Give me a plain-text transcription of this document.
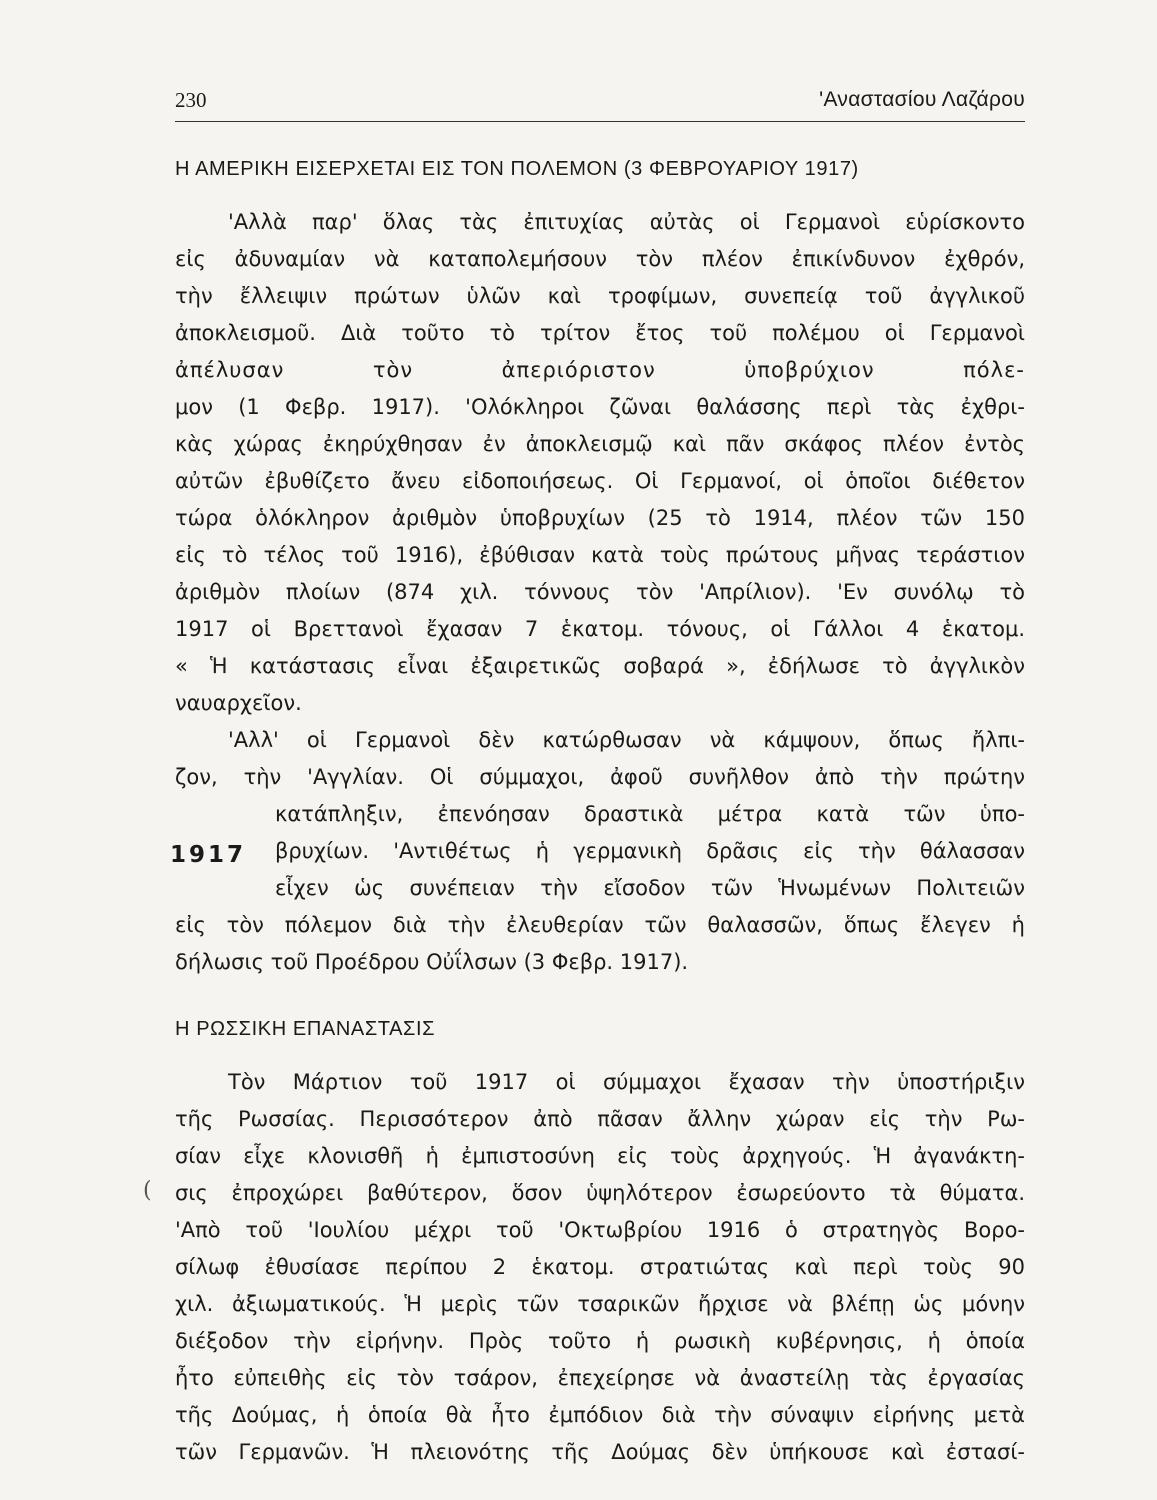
230	'Αναστασίου Λαζάρου
Η ΑΜΕΡΙΚΗ ΕΙΣΕΡΧΕΤΑΙ ΕΙΣ ΤΟΝ ΠΟΛΕΜΟΝ (3 ΦΕΒΡΟΥΑΡΙΟΥ 1917)
'Αλλὰ παρ' ὅλας τὰς ἐπιτυχίας αὐτὰς οἱ Γερμανοὶ εὑρίσκοντο
εἰς ἀδυναμίαν νὰ καταπολεμήσουν τὸν πλέον ἐπικίνδυνον ἐχθρόν,
τὴν ἔλλειψιν πρώτων ὑλῶν καὶ τροφίμων, συνεπείᾳ τοῦ ἀγγλικοῦ
ἀποκλεισμοῦ. Διὰ τοῦτο τὸ τρίτον ἔτος τοῦ πολέμου οἱ Γερμανοὶ
ἀπέλυσαν τὸν ἀπεριόριστον ὑποβρύχιον πόλε-
μον (1 Φεβρ. 1917). 'Ολόκληροι ζῶναι θαλάσσης περὶ τὰς ἐχθρι-
κὰς χώρας ἐκηρύχθησαν ἐν ἀποκλεισμῷ καὶ πᾶν σκάφος πλέον ἐντὸς
αὐτῶν ἐβυθίζετο ἄνευ εἰδοποιήσεως. Οἱ Γερμανοί, οἱ ὁποῖοι διέθετον
τώρα ὁλόκληρον ἀριθμὸν ὑποβρυχίων (25 τὸ 1914, πλέον τῶν 150
εἰς τὸ τέλος τοῦ 1916), ἐβύθισαν κατὰ τοὺς πρώτους μῆνας τεράστιον
ἀριθμὸν πλοίων (874 χιλ. τόννους τὸν 'Απρίλιον). 'Εν συνόλῳ τὸ
1917 οἱ Βρεττανοὶ ἔχασαν 7 ἑκατομ. τόνους, οἱ Γάλλοι 4 ἑκατομ.
« Ἡ κατάστασις εἶναι ἐξαιρετικῶς σοβαρά », ἐδήλωσε τὸ ἀγγλικὸν
ναυαρχεῖον.
'Αλλ' οἱ Γερμανοὶ δὲν κατώρθωσαν νὰ κάμψουν, ὅπως ἤλπι-
ζον, τὴν 'Αγγλίαν. Οἱ σύμμαχοι, ἀφοῦ συνῆλθον ἀπὸ τὴν πρώτην
κατάπληξιν, ἐπενόησαν δραστικὰ μέτρα κατὰ τῶν ὑπο-
βρυχίων. 'Αντιθέτως ἡ γερμανικὴ δρᾶσις εἰς τὴν θάλασσαν
εἶχεν ὡς συνέπειαν τὴν εἴσοδον τῶν Ἡνωμένων Πολιτειῶν
εἰς τὸν πόλεμον διὰ τὴν ἐλευθερίαν τῶν θαλασσῶν, ὅπως ἔλεγεν ἡ
δήλωσις τοῦ Προέδρου Οὐΐλσων (3 Φεβρ. 1917).
1917
Η ΡΩΣΣΙΚΗ ΕΠΑΝΑΣΤΑΣΙΣ
Τὸν Μάρτιον τοῦ 1917 οἱ σύμμαχοι ἔχασαν τὴν ὑποστήριξιν
τῆς Ρωσσίας. Περισσότερον ἀπὸ πᾶσαν ἄλλην χώραν εἰς τὴν Ρω-
σίαν εἶχε κλονισθῆ ἡ ἐμπιστοσύνη εἰς τοὺς ἀρχηγούς. Ἡ ἀγανάκτη-
σις ἐπροχώρει βαθύτερον, ὅσον ὑψηλότερον ἐσωρεύοντο τὰ θύματα.
'Απὸ τοῦ 'Ιουλίου μέχρι τοῦ 'Οκτωβρίου 1916 ὁ στρατηγὸς Βορο-
σίλωφ ἐθυσίασε περίπου 2 ἑκατομ. στρατιώτας καὶ περὶ τοὺς 90
χιλ. ἀξιωματικούς. Ἡ μερὶς τῶν τσαρικῶν ἤρχισε νὰ βλέπῃ ὡς μόνην
διέξοδον τὴν εἰρήνην. Πρὸς τοῦτο ἡ ρωσικὴ κυβέρνησις, ἡ ὁποία
ἦτο εὐπειθὴς εἰς τὸν τσάρον, ἐπεχείρησε νὰ ἀναστείλῃ τὰς ἐργασίας
τῆς Δούμας, ἡ ὁποία θὰ ἦτο ἐμπόδιον διὰ τὴν σύναψιν εἰρήνης μετὰ
τῶν Γερμανῶν. Ἡ πλειονότης τῆς Δούμας δὲν ὑπήκουσε καὶ ἐστασί-
(
